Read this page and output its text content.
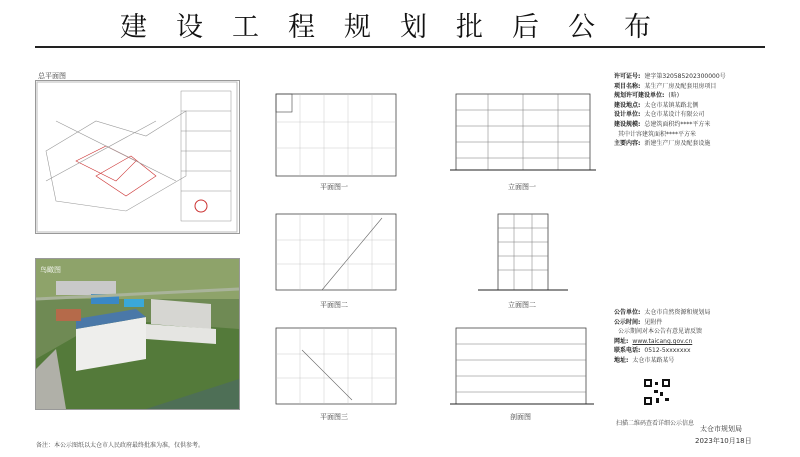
建设工程规划批后公布
总平面图
鸟瞰图
平面图一
平面图二
平面图三
立面图一
立面图二
剖面图
许可证号: 建字第320585202300000号
项目名称: 某生产厂房及配套用房项目
规划许可建设单位: (略)
建设地点: 太仓市某镇某路北侧
设计单位: 太仓市某设计有限公司
建设规模: 总建筑面积约****平方米
其中计容建筑面积****平方米
主要内容: 新建生产厂房及配套设施
公告单位: 太仓市自然资源和规划局
公示时间: 见附件
公示期间对本公告有意见请反馈
网址: www.taicang.gov.cn
联系电话: 0512-5xxxxxxx
地址: 太仓市某路某号
扫描二维码查看详细公示信息
备注：本公示图纸以太仓市人民政府最终批准为准，仅供参考。
太仓市规划局
2023年10月18日
